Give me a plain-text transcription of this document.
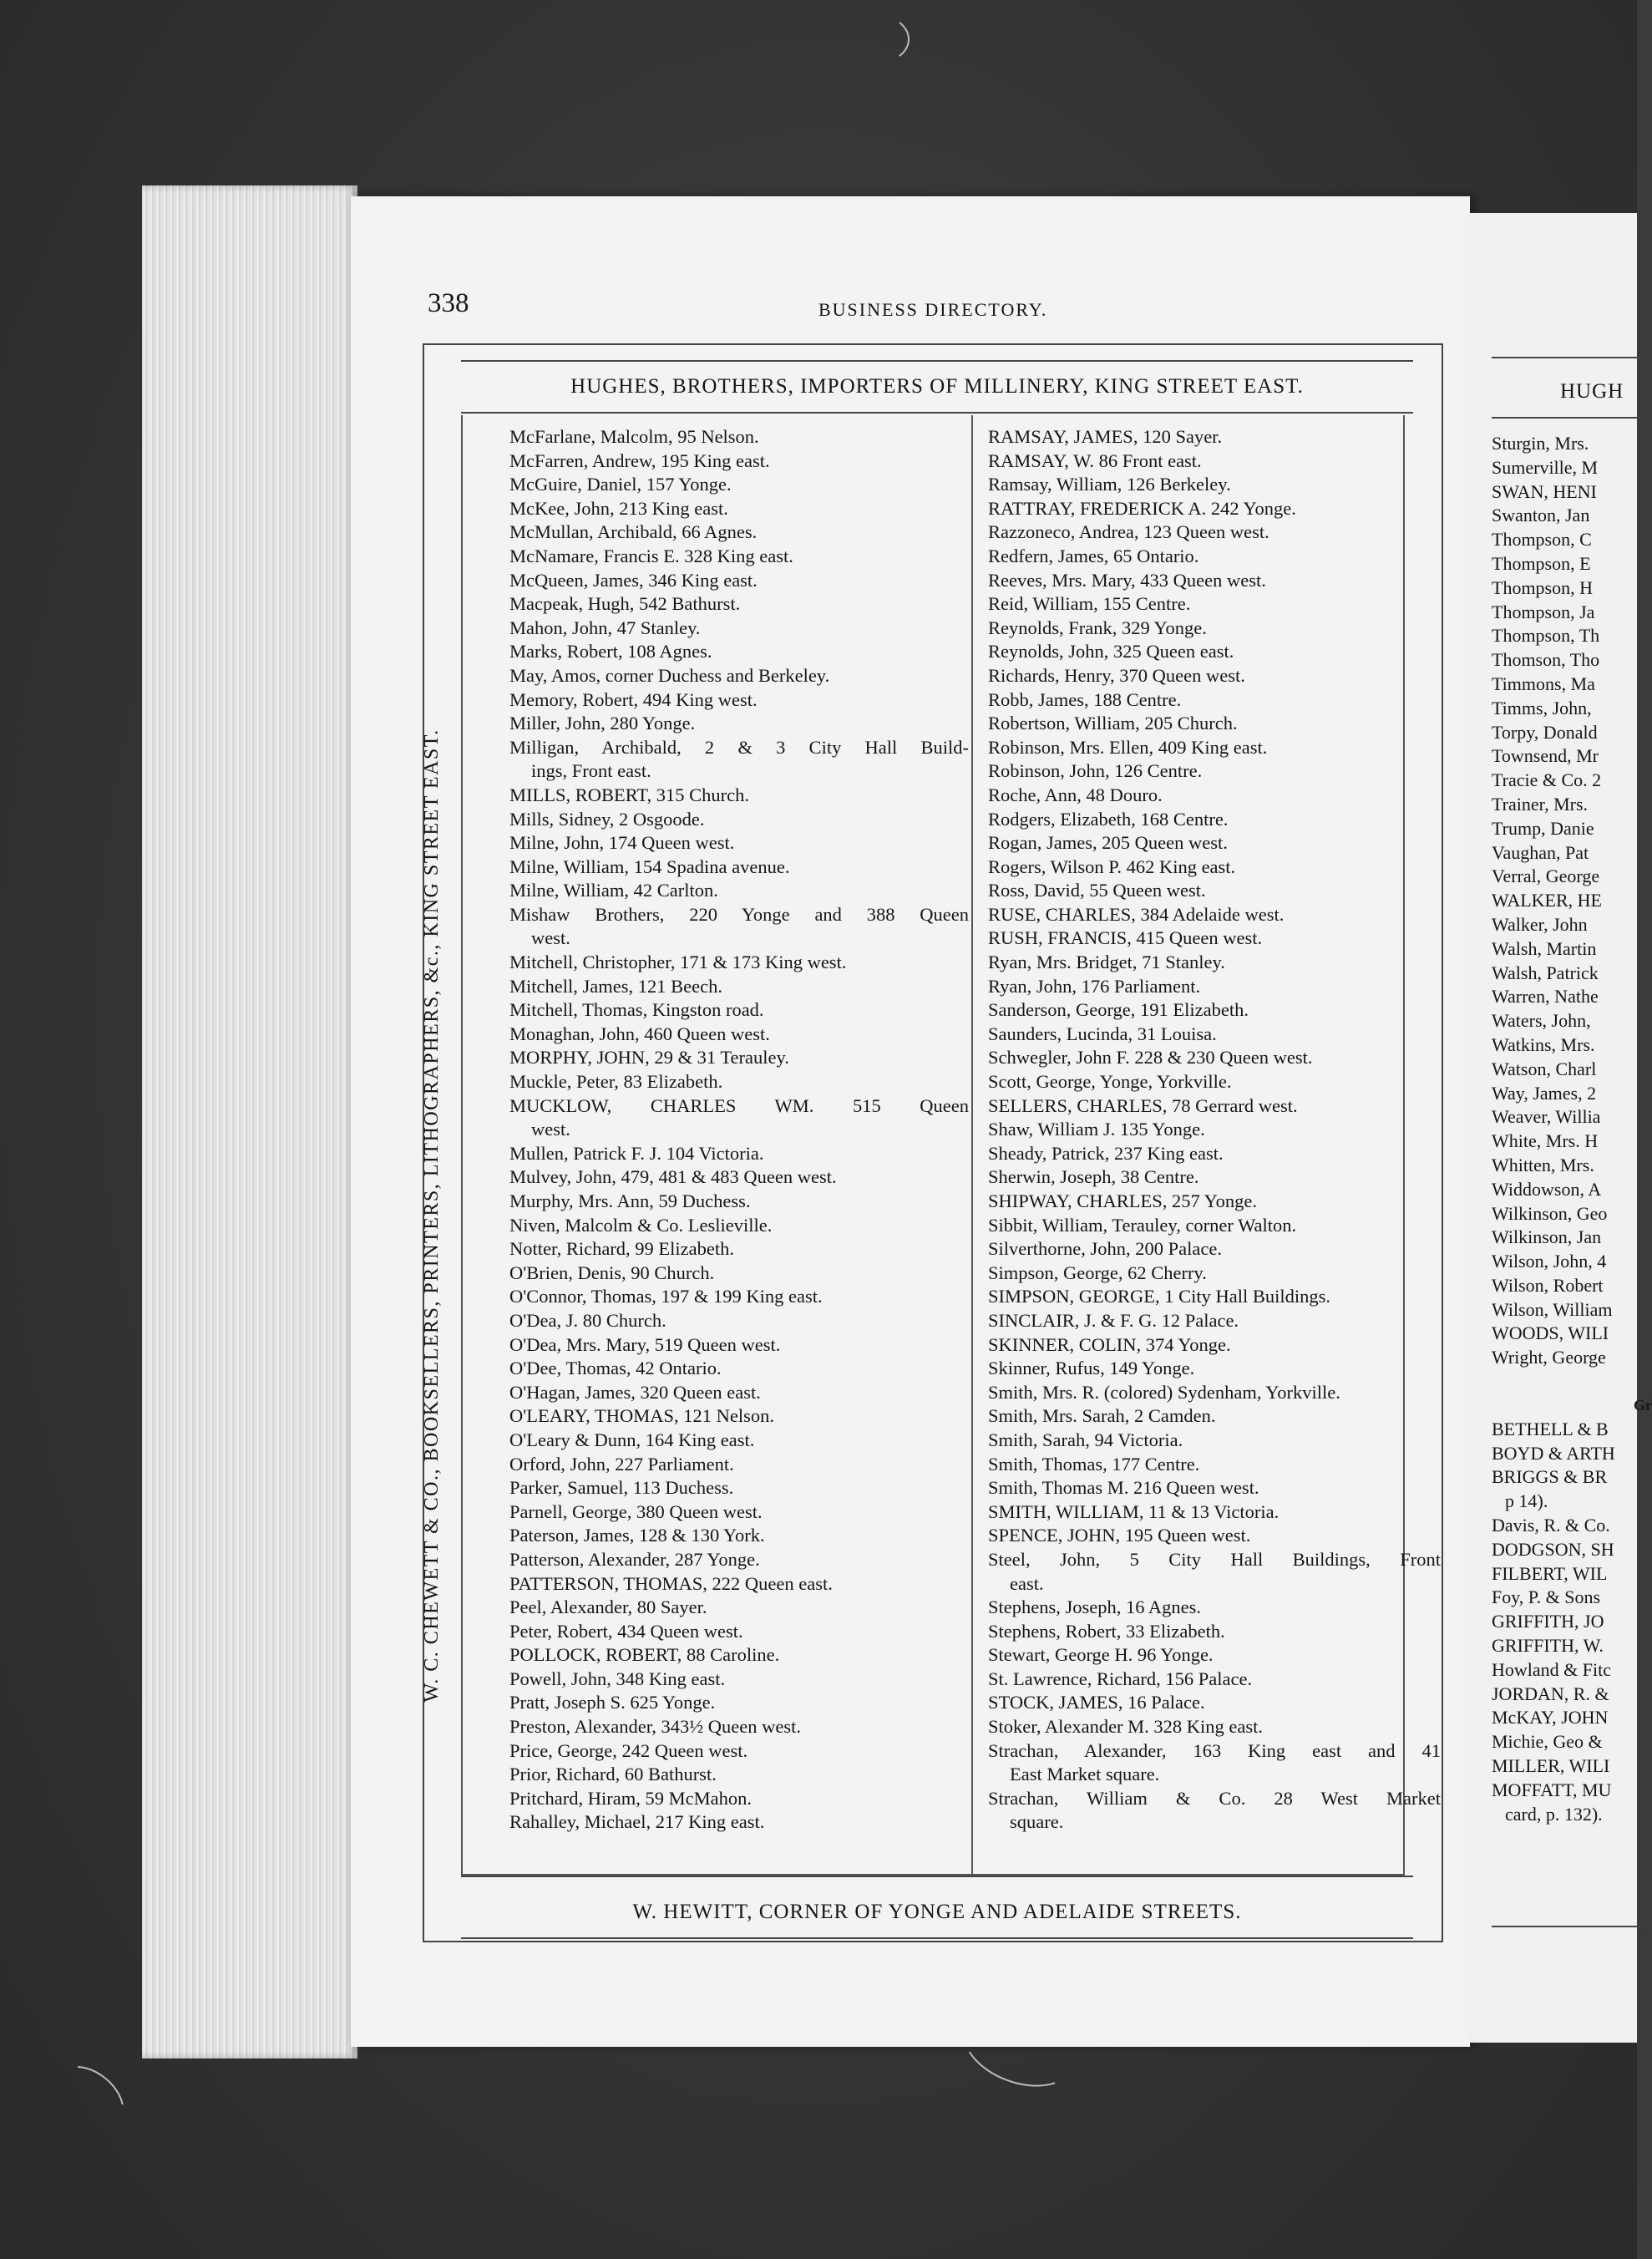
338	BUSINESS DIRECTORY.
HUGHES, BROTHERS, IMPORTERS OF MILLINERY, KING STREET EAST.
W. C. CHEWETT & CO., BOOKSELLERS, PRINTERS, LITHOGRAPHERS, &c., KING STREET EAST.
McFarlane, Malcolm, 95 Nelson.
McFarren, Andrew, 195 King east.
McGuire, Daniel, 157 Yonge.
McKee, John, 213 King east.
McMullan, Archibald, 66 Agnes.
McNamare, Francis E. 328 King east.
McQueen, James, 346 King east.
Macpeak, Hugh, 542 Bathurst.
Mahon, John, 47 Stanley.
Marks, Robert, 108 Agnes.
May, Amos, corner Duchess and Berkeley.
Memory, Robert, 494 King west.
Miller, John, 280 Yonge.
Milligan, Archibald, 2 & 3 City Hall Build-
ings, Front east.
MILLS, ROBERT, 315 Church.
Mills, Sidney, 2 Osgoode.
Milne, John, 174 Queen west.
Milne, William, 154 Spadina avenue.
Milne, William, 42 Carlton.
Mishaw Brothers, 220 Yonge and 388 Queen
west.
Mitchell, Christopher, 171 & 173 King west.
Mitchell, James, 121 Beech.
Mitchell, Thomas, Kingston road.
Monaghan, John, 460 Queen west.
MORPHY, JOHN, 29 & 31 Terauley.
Muckle, Peter, 83 Elizabeth.
MUCKLOW, CHARLES WM. 515 Queen
west.
Mullen, Patrick F. J. 104 Victoria.
Mulvey, John, 479, 481 & 483 Queen west.
Murphy, Mrs. Ann, 59 Duchess.
Niven, Malcolm & Co. Leslieville.
Notter, Richard, 99 Elizabeth.
O'Brien, Denis, 90 Church.
O'Connor, Thomas, 197 & 199 King east.
O'Dea, J. 80 Church.
O'Dea, Mrs. Mary, 519 Queen west.
O'Dee, Thomas, 42 Ontario.
O'Hagan, James, 320 Queen east.
O'LEARY, THOMAS, 121 Nelson.
O'Leary & Dunn, 164 King east.
Orford, John, 227 Parliament.
Parker, Samuel, 113 Duchess.
Parnell, George, 380 Queen west.
Paterson, James, 128 & 130 York.
Patterson, Alexander, 287 Yonge.
PATTERSON, THOMAS, 222 Queen east.
Peel, Alexander, 80 Sayer.
Peter, Robert, 434 Queen west.
POLLOCK, ROBERT, 88 Caroline.
Powell, John, 348 King east.
Pratt, Joseph S. 625 Yonge.
Preston, Alexander, 343½ Queen west.
Price, George, 242 Queen west.
Prior, Richard, 60 Bathurst.
Pritchard, Hiram, 59 McMahon.
Rahalley, Michael, 217 King east.
RAMSAY, JAMES, 120 Sayer.
RAMSAY, W. 86 Front east.
Ramsay, William, 126 Berkeley.
RATTRAY, FREDERICK A. 242 Yonge.
Razzoneco, Andrea, 123 Queen west.
Redfern, James, 65 Ontario.
Reeves, Mrs. Mary, 433 Queen west.
Reid, William, 155 Centre.
Reynolds, Frank, 329 Yonge.
Reynolds, John, 325 Queen east.
Richards, Henry, 370 Queen west.
Robb, James, 188 Centre.
Robertson, William, 205 Church.
Robinson, Mrs. Ellen, 409 King east.
Robinson, John, 126 Centre.
Roche, Ann, 48 Douro.
Rodgers, Elizabeth, 168 Centre.
Rogan, James, 205 Queen west.
Rogers, Wilson P. 462 King east.
Ross, David, 55 Queen west.
RUSE, CHARLES, 384 Adelaide west.
RUSH, FRANCIS, 415 Queen west.
Ryan, Mrs. Bridget, 71 Stanley.
Ryan, John, 176 Parliament.
Sanderson, George, 191 Elizabeth.
Saunders, Lucinda, 31 Louisa.
Schwegler, John F. 228 & 230 Queen west.
Scott, George, Yonge, Yorkville.
SELLERS, CHARLES, 78 Gerrard west.
Shaw, William J. 135 Yonge.
Sheady, Patrick, 237 King east.
Sherwin, Joseph, 38 Centre.
SHIPWAY, CHARLES, 257 Yonge.
Sibbit, William, Terauley, corner Walton.
Silverthorne, John, 200 Palace.
Simpson, George, 62 Cherry.
SIMPSON, GEORGE, 1 City Hall Buildings.
SINCLAIR, J. & F. G. 12 Palace.
SKINNER, COLIN, 374 Yonge.
Skinner, Rufus, 149 Yonge.
Smith, Mrs. R. (colored) Sydenham, Yorkville.
Smith, Mrs. Sarah, 2 Camden.
Smith, Sarah, 94 Victoria.
Smith, Thomas, 177 Centre.
Smith, Thomas M. 216 Queen west.
SMITH, WILLIAM, 11 & 13 Victoria.
SPENCE, JOHN, 195 Queen west.
Steel, John, 5 City Hall Buildings, Front
east.
Stephens, Joseph, 16 Agnes.
Stephens, Robert, 33 Elizabeth.
Stewart, George H. 96 Yonge.
St. Lawrence, Richard, 156 Palace.
STOCK, JAMES, 16 Palace.
Stoker, Alexander M. 328 King east.
Strachan, Alexander, 163 King east and 41
East Market square.
Strachan, William & Co. 28 West Market
square.
W. HEWITT, CORNER OF YONGE AND ADELAIDE STREETS.
HUGH
Sturgin, Mrs.
Sumerville, M
SWAN, HENI
Swanton, Jan
Thompson, C
Thompson, E
Thompson, H
Thompson, Ja
Thompson, Th
Thomson, Tho
Timmons, Ma
Timms, John,
Torpy, Donald
Townsend, Mr
Tracie & Co. 2
Trainer, Mrs.
Trump, Danie
Vaughan, Pat
Verral, George
WALKER, HE
Walker, John
Walsh, Martin
Walsh, Patrick
Warren, Nathe
Waters, John,
Watkins, Mrs.
Watson, Charl
Way, James, 2
Weaver, Willia
White, Mrs. H
Whitten, Mrs.
Widdowson, A
Wilkinson, Geo
Wilkinson, Jan
Wilson, John, 4
Wilson, Robert
Wilson, William
WOODS, WILI
Wright, George
Gr
BETHELL & B
BOYD & ARTH
BRIGGS & BR
p 14).
Davis, R. & Co.
DODGSON, SH
FILBERT, WIL
Foy, P. & Sons
GRIFFITH, JO
GRIFFITH, W.
Howland & Fitc
JORDAN, R. &
McKAY, JOHN
Michie, Geo &
MILLER, WILI
MOFFATT, MU
card, p. 132).
